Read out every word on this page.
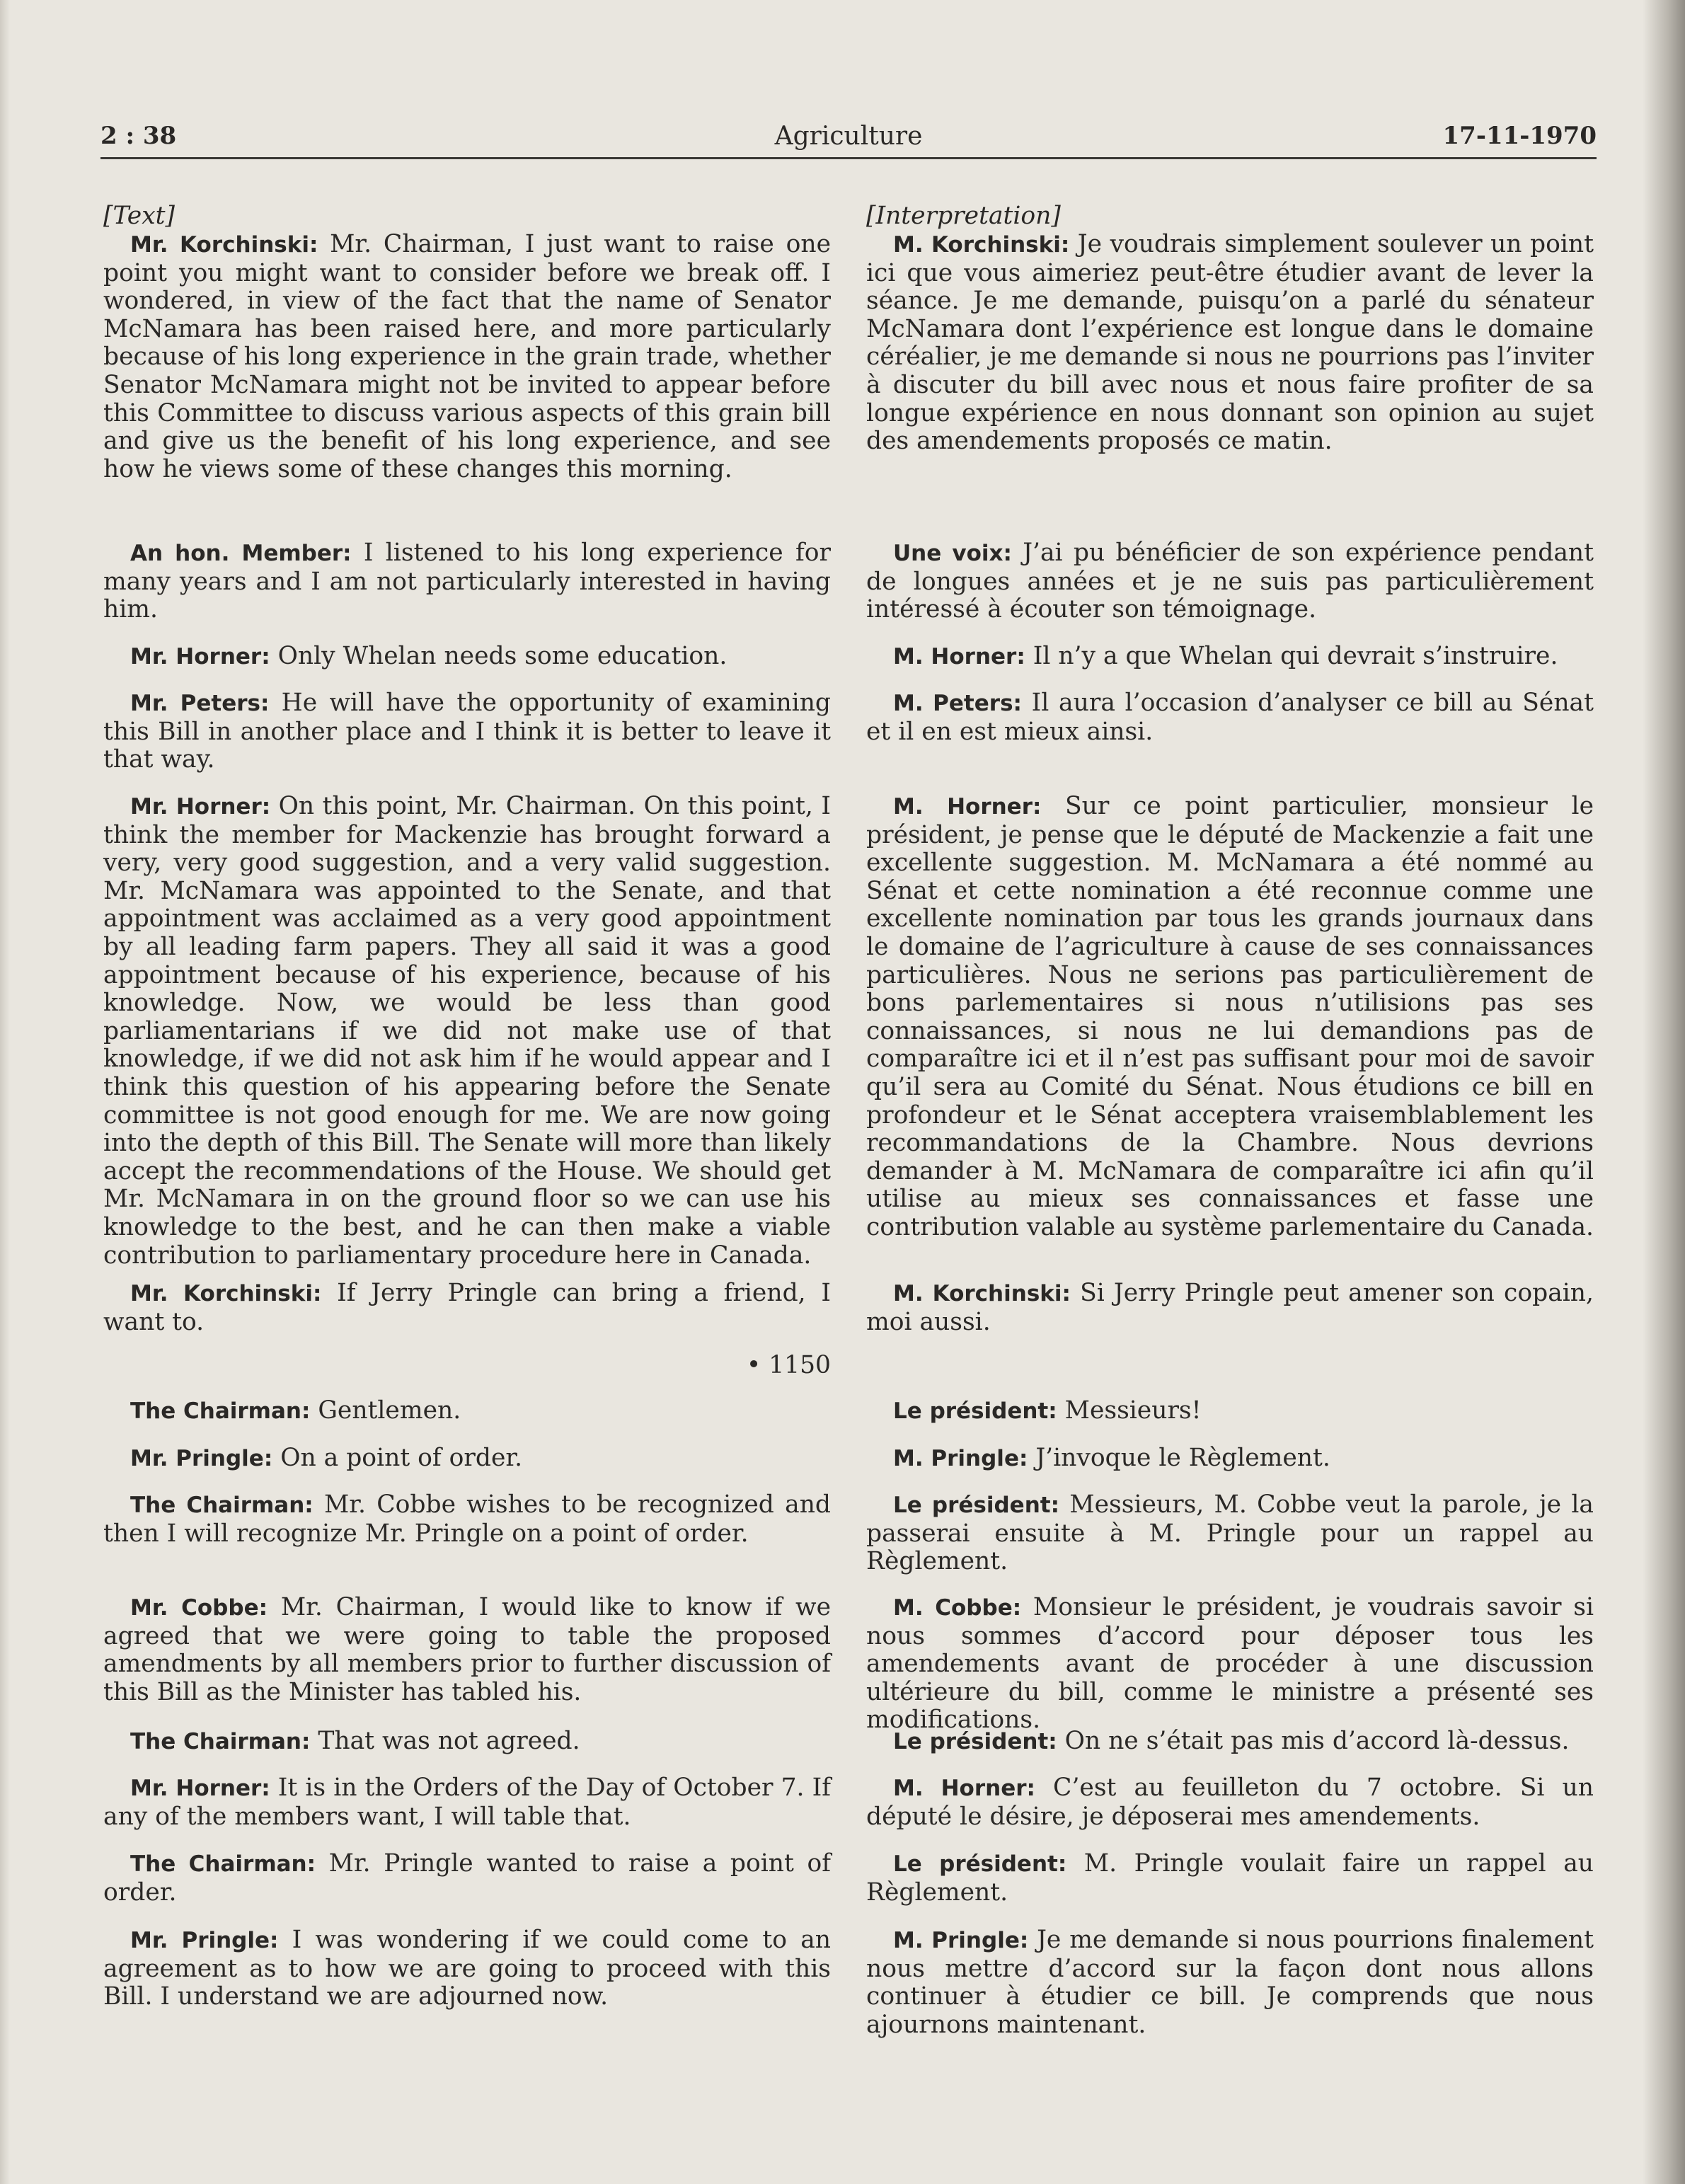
2 : 38	Agriculture	17-11-1970

[Text]

Mr. Korchinski: Mr. Chairman, I just want to raise one point you might want to consider before we break off. I wondered, in view of the fact that the name of Senator McNamara has been raised here, and more particularly because of his long experience in the grain trade, whether Senator McNamara might not be invited to appear before this Committee to discuss various aspects of this grain bill and give us the benefit of his long experience, and see how he views some of these changes this morning.

An hon. Member: I listened to his long experience for many years and I am not particularly interested in having him.

Mr. Horner: Only Whelan needs some education.

Mr. Peters: He will have the opportunity of examining this Bill in another place and I think it is better to leave it that way.

Mr. Horner: On this point, Mr. Chairman. On this point, I think the member for Mackenzie has brought forward a very, very good suggestion, and a very valid suggestion. Mr. McNamara was appointed to the Senate, and that appointment was acclaimed as a very good appointment by all leading farm papers. They all said it was a good appointment because of his experience, because of his knowledge. Now, we would be less than good parliamentarians if we did not make use of that knowledge, if we did not ask him if he would appear and I think this question of his appearing before the Senate committee is not good enough for me. We are now going into the depth of this Bill. The Senate will more than likely accept the recommendations of the House. We should get Mr. McNamara in on the ground floor so we can use his knowledge to the best, and he can then make a viable contribution to parliamentary procedure here in Canada.

Mr. Korchinski: If Jerry Pringle can bring a friend, I want to.

• 1150

The Chairman: Gentlemen.

Mr. Pringle: On a point of order.

The Chairman: Mr. Cobbe wishes to be recognized and then I will recognize Mr. Pringle on a point of order.

Mr. Cobbe: Mr. Chairman, I would like to know if we agreed that we were going to table the proposed amendments by all members prior to further discussion of this Bill as the Minister has tabled his.

The Chairman: That was not agreed.

Mr. Horner: It is in the Orders of the Day of October 7. If any of the members want, I will table that.

The Chairman: Mr. Pringle wanted to raise a point of order.

Mr. Pringle: I was wondering if we could come to an agreement as to how we are going to proceed with this Bill. I understand we are adjourned now.

[Interpretation]

M. Korchinski: Je voudrais simplement soulever un point ici que vous aimeriez peut-être étudier avant de lever la séance. Je me demande, puisqu’on a parlé du sénateur McNamara dont l’expérience est longue dans le domaine céréalier, je me demande si nous ne pourrions pas l’inviter à discuter du bill avec nous et nous faire profiter de sa longue expérience en nous donnant son opinion au sujet des amendements proposés ce matin.

Une voix: J’ai pu bénéficier de son expérience pendant de longues années et je ne suis pas particulièrement intéressé à écouter son témoignage.

M. Horner: Il n’y a que Whelan qui devrait s’instruire.

M. Peters: Il aura l’occasion d’analyser ce bill au Sénat et il en est mieux ainsi.

M. Horner: Sur ce point particulier, monsieur le président, je pense que le député de Mackenzie a fait une excellente suggestion. M. McNamara a été nommé au Sénat et cette nomination a été reconnue comme une excellente nomination par tous les grands journaux dans le domaine de l’agriculture à cause de ses connaissances particulières. Nous ne serions pas particulièrement de bons parlementaires si nous n’utilisions pas ses connaissances, si nous ne lui demandions pas de comparaître ici et il n’est pas suffisant pour moi de savoir qu’il sera au Comité du Sénat. Nous étudions ce bill en profondeur et le Sénat acceptera vraisemblablement les recommandations de la Chambre. Nous devrions demander à M. McNamara de comparaître ici afin qu’il utilise au mieux ses connaissances et fasse une contribution valable au système parlementaire du Canada.

M. Korchinski: Si Jerry Pringle peut amener son copain, moi aussi.

Le président: Messieurs!

M. Pringle: J’invoque le Règlement.

Le président: Messieurs, M. Cobbe veut la parole, je la passerai ensuite à M. Pringle pour un rappel au Règlement.

M. Cobbe: Monsieur le président, je voudrais savoir si nous sommes d’accord pour déposer tous les amendements avant de procéder à une discussion ultérieure du bill, comme le ministre a présenté ses modifications.

Le président: On ne s’était pas mis d’accord là-dessus.

M. Horner: C’est au feuilleton du 7 octobre. Si un député le désire, je déposerai mes amendements.

Le président: M. Pringle voulait faire un rappel au Règlement.

M. Pringle: Je me demande si nous pourrions finalement nous mettre d’accord sur la façon dont nous allons continuer à étudier ce bill. Je comprends que nous ajournons maintenant.
